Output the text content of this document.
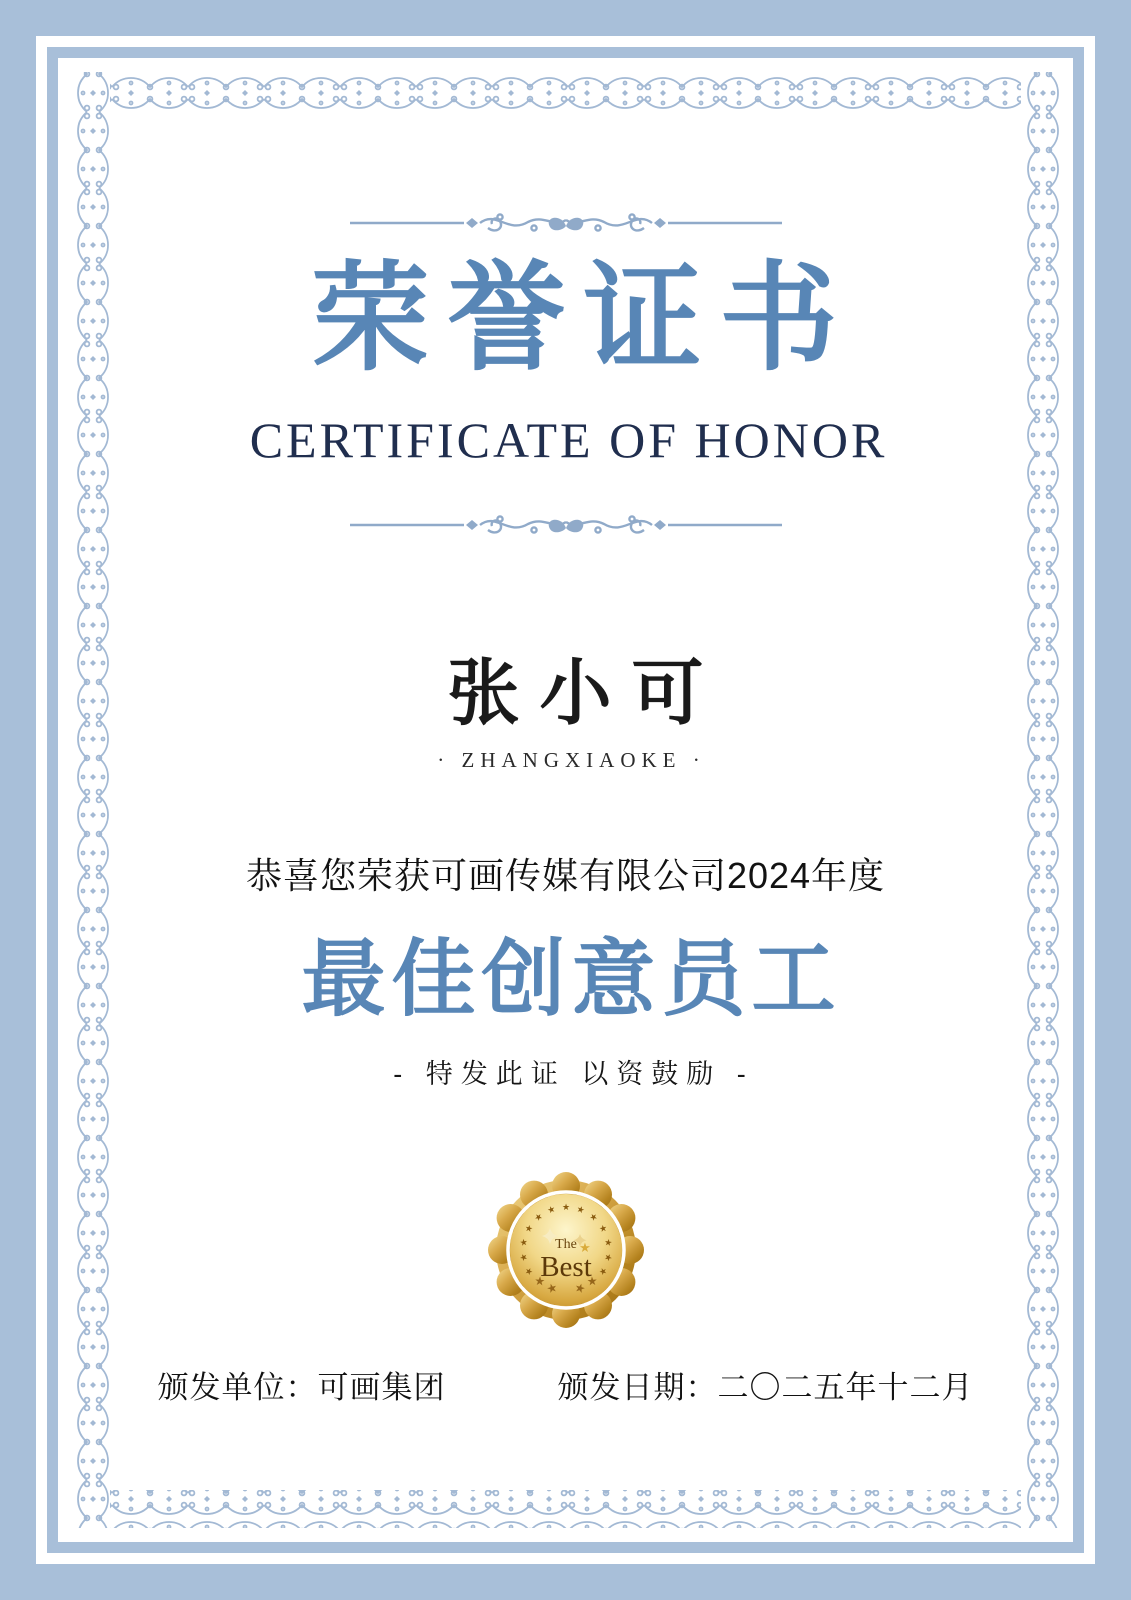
荣誉证书
CERTIFICATE OF HONOR
张小可
· ZHANGXIAOKE ·
恭喜您荣获可画传媒有限公司2024年度
最佳创意员工
- 特发此证 以资鼓励 -
★
★
★
★
★
★
★
★ ★ ★
★
★
★
★
★
★
★
★
The
Best
颁发单位：可画集团	颁发日期：二〇二五年十二月
